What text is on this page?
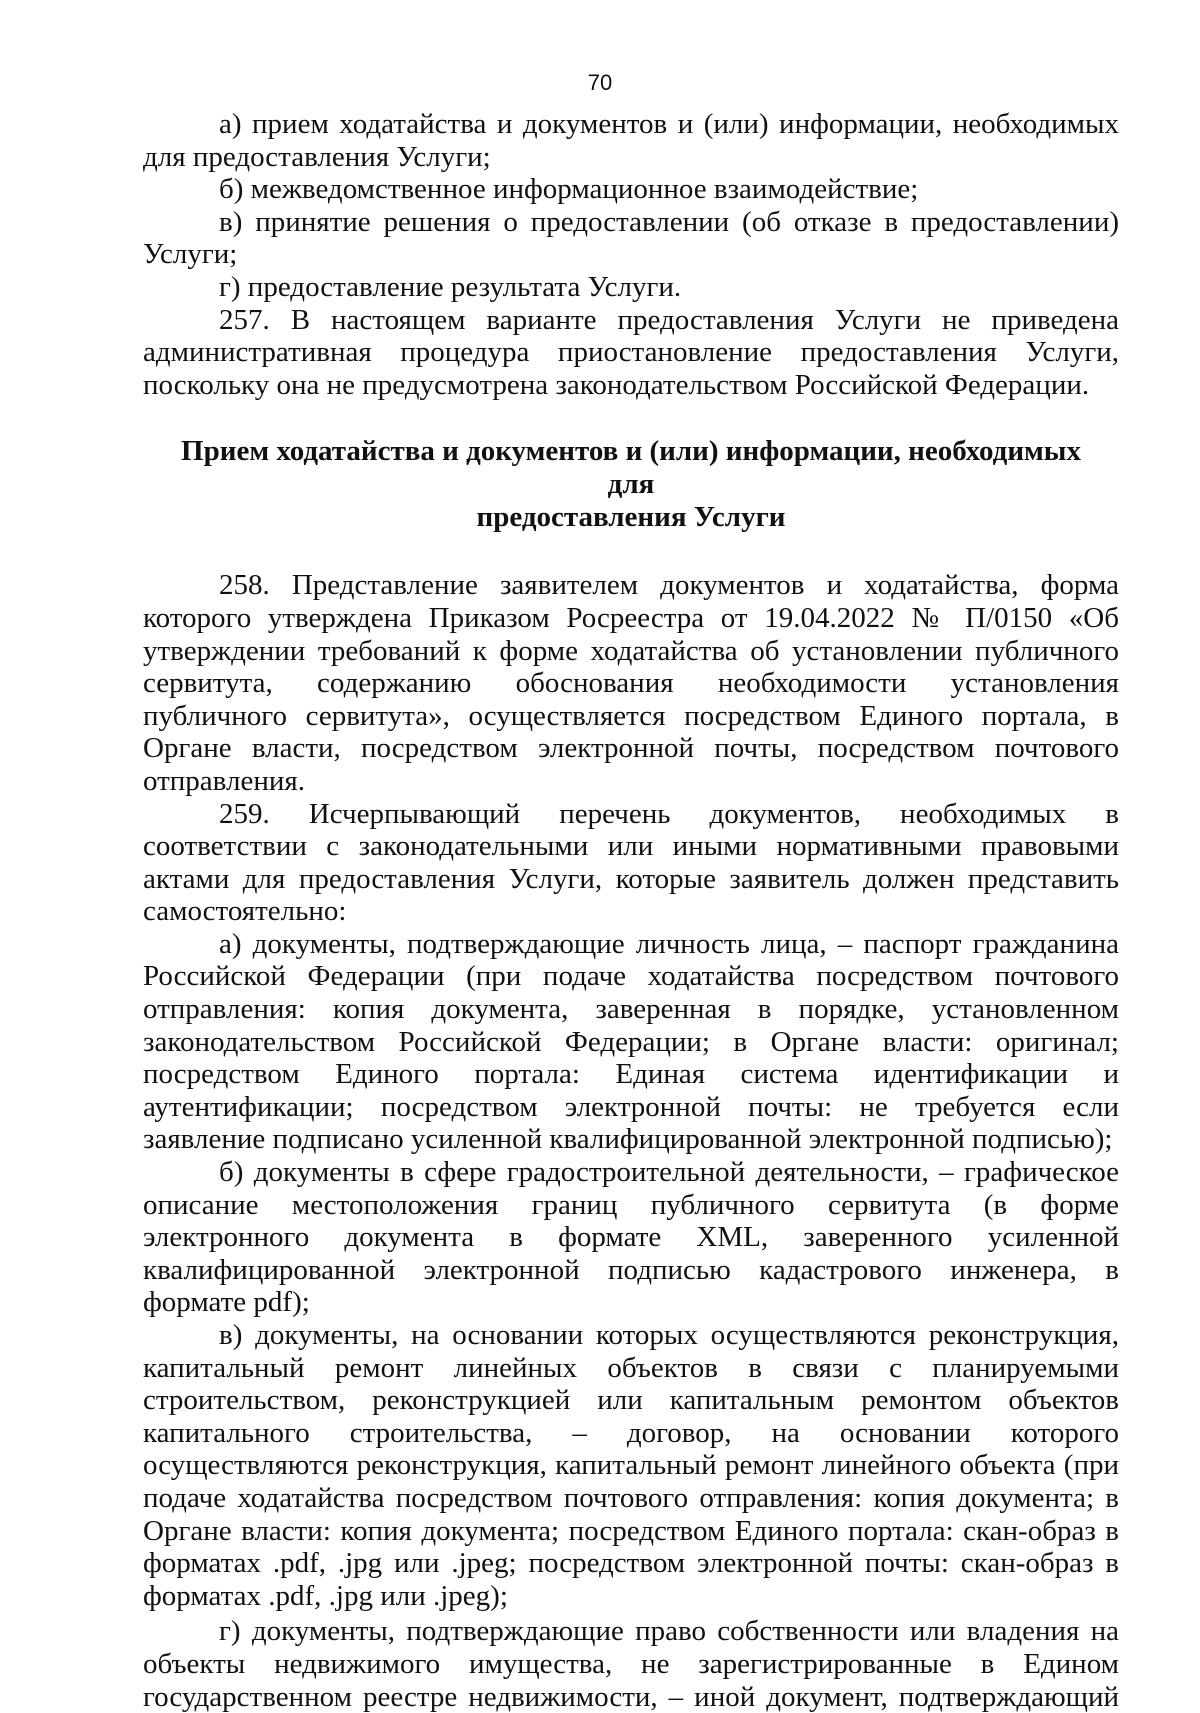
70

а) прием ходатайства и документов и (или) информации, необходимых для предоставления Услуги;

б) межведомственное информационное взаимодействие;

в) принятие решения о предоставлении (об отказе в предоставлении) Услуги;

г) предоставление результата Услуги.

257. В настоящем варианте предоставления Услуги не приведена административная процедура приостановление предоставления Услуги, поскольку она не предусмотрена законодательством Российской Федерации.

Прием ходатайства и документов и (или) информации, необходимых для
предоставления Услуги

258. Представление заявителем документов и ходатайства, форма которого утверждена Приказом Росреестра от 19.04.2022 № П/0150 «Об утверждении требований к форме ходатайства об установлении публичного сервитута, содержанию обоснования необходимости установления публичного сервитута», осуществляется посредством Единого портала, в Органе власти, посредством электронной почты, посредством почтового отправления.

259. Исчерпывающий перечень документов, необходимых в соответствии с законодательными или иными нормативными правовыми актами для предоставления Услуги, которые заявитель должен представить самостоятельно:

а) документы, подтверждающие личность лица, – паспорт гражданина Российской Федерации (при подаче ходатайства посредством почтового отправления: копия документа, заверенная в порядке, установленном законодательством Российской Федерации; в Органе власти: оригинал; посредством Единого портала: Единая система идентификации и аутентификации; посредством электронной почты: не требуется если заявление подписано усиленной квалифицированной электронной подписью);

б) документы в сфере градостроительной деятельности, – графическое описание местоположения границ публичного сервитута (в форме электронного документа в формате XML, заверенного усиленной квалифицированной электронной подписью кадастрового инженера, в формате pdf);

в) документы, на основании которых осуществляются реконструкция, капитальный ремонт линейных объектов в связи с планируемыми строительством, реконструкцией или капитальным ремонтом объектов капитального строительства, – договор, на основании которого осуществляются реконструкция, капитальный ремонт линейного объекта (при подаче ходатайства посредством почтового отправления: копия документа; в Органе власти: копия документа; посредством Единого портала: скан-образ в форматах .pdf, .jpg или .jpeg; посредством электронной почты: скан-образ в форматах .pdf, .jpg или .jpeg);

г) документы, подтверждающие право собственности или владения на объекты недвижимого имущества, не зарегистрированные в Едином государственном реестре недвижимости, – иной документ, подтверждающий
